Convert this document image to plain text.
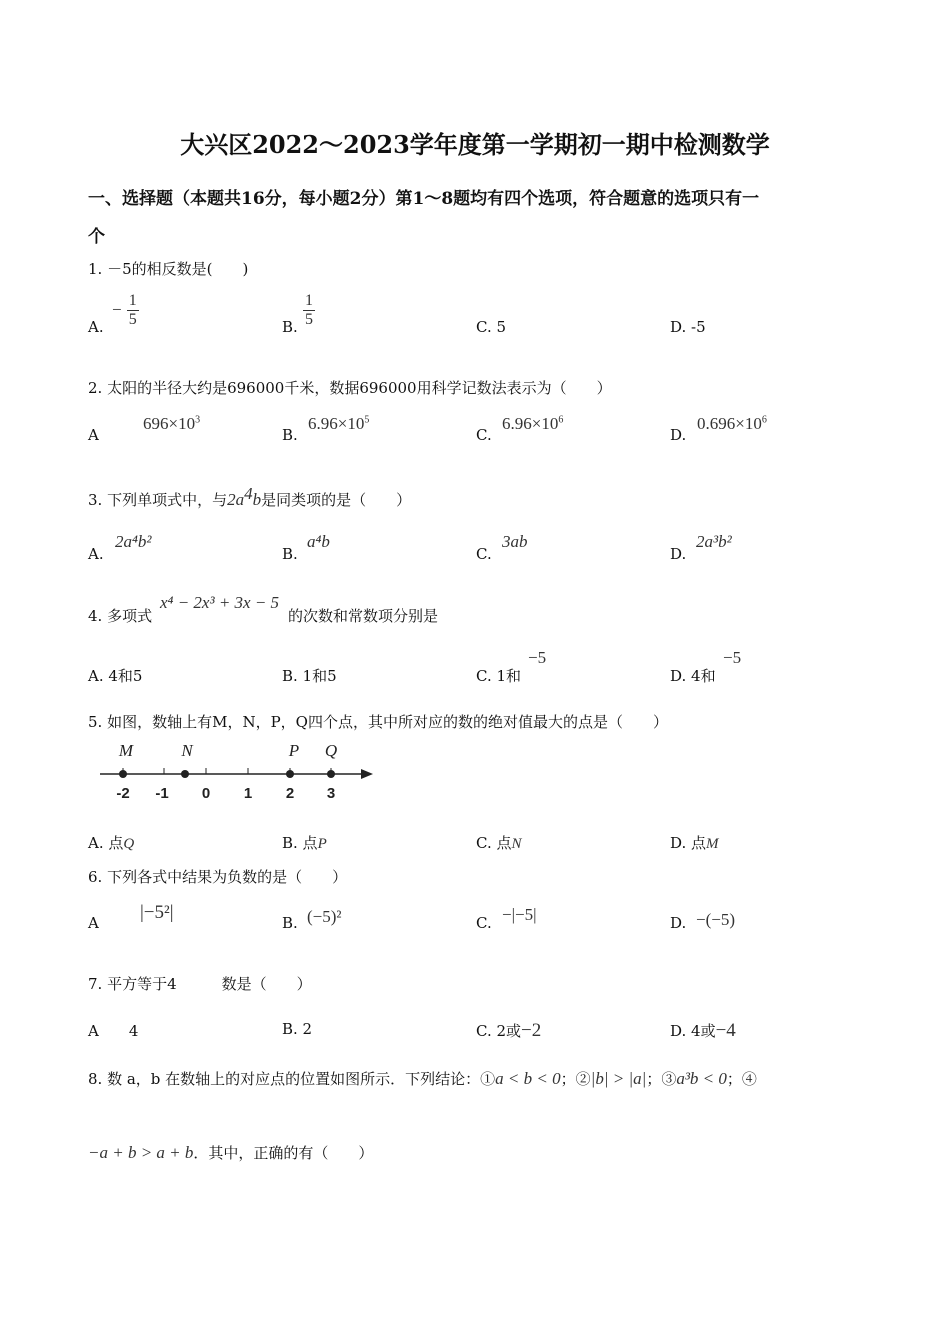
大兴区2022～2023学年度第一学期初一期中检测数学
一、选择题（本题共16分，每小题2分）第1～8题均有四个选项，符合题意的选项只有一
个
1. －5的相反数是(　　)
A.
− $\frac{1}{5}$	B. $\frac{1}{5}$	C. 5	D. -5
2. 太阳的半径大约是696000千米，数据696000用科学记数法表示为（　　）
A
$696\times 10^3$
B.
$6.96\times 10^5$
C.
$6.96\times 10^6$
D.
$0.696\times 10^6$
3. 下列单项式中，与$2a^4b$是同类项的是（　　）
A.
2a⁴b²
B.
a⁴b
C.
3ab
D.
2a³b²
4. 多项式
x⁴ − 2x³ + 3x − 5
的次数和常数项分别是
A. 4和5	B. 1和5	C. 1和
−5
D. 4和
−5
5. 如图，数轴上有M，N，P，Q四个点，其中所对应的数的绝对值最大的点是（　　）
-2 -1 0 1 2 3
M	N	P Q
A. 点Q	B. 点P	C. 点N	D. 点M
6. 下列各式中结果为负数的是（　　）
A |−5²|	B. (−5)²	C. −|−5|	D. −(−5)
7. 平方等于4　　　数是（　　）
A　　4	B. 2	C. 2或−2	D. 4或−4
8. 数 a，b 在数轴上的对应点的位置如图所示．下列结论：①a < b < 0；②|b| > |a|；③a³b < 0；④
−a + b > a + b．其中，正确的有（　　）
